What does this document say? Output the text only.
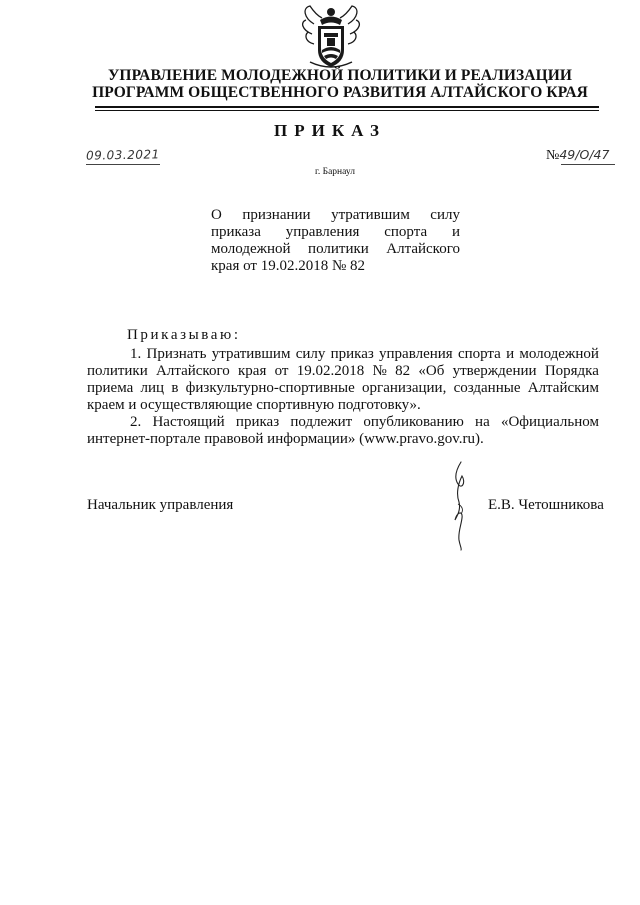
УПРАВЛЕНИЕ МОЛОДЕЖНОЙ ПОЛИТИКИ И РЕАЛИЗАЦИИ
ПРОГРАММ ОБЩЕСТВЕННОГО РАЗВИТИЯ АЛТАЙСКОГО КРАЯ
ПРИКАЗ
09.03.2021	№49/О/47
г. Барнаул
О признании утратившим силу
приказа управления спорта и
молодежной политики Алтайского
края от 19.02.2018 № 82
Приказываю:
1. Признать утратившим силу приказ управления спорта и молодежной
политики Алтайского края от 19.02.2018 № 82 «Об утверждении Порядка
приема лиц в физкультурно-спортивные организации, созданные Алтайским
краем и осуществляющие спортивную подготовку».
2. Настоящий приказ подлежит опубликованию на «Официальном
интернет-портале правовой информации» (www.pravo.gov.ru).
Начальник управления	Е.В. Четошникова
